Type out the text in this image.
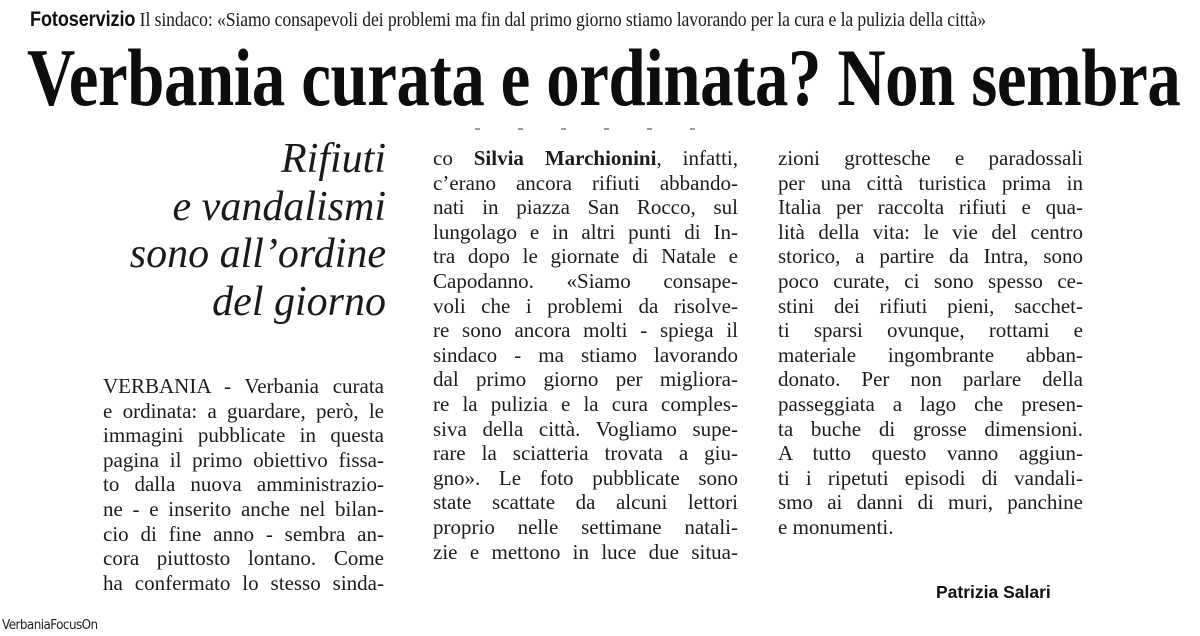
Fotoservizio Il sindaco: «Siamo consapevoli dei problemi ma fin dal primo giorno stiamo lavorando per la cura e la pulizia della città»
Verbania curata e ordinata? Non sembra
Rifiuti
e vandalismi
sono all’ordine
del giorno
VERBANIA - Verbania curata
e ordinata: a guardare, però, le
immagini pubblicate in questa
pagina il primo obiettivo fissa-
to dalla nuova amministrazio-
ne - e inserito anche nel bilan-
cio di fine anno - sembra an-
cora piuttosto lontano. Come
ha confermato lo stesso sinda-
co Silvia Marchionini, infatti,
c’erano ancora rifiuti abbando-
nati in piazza San Rocco, sul
lungolago e in altri punti di In-
tra dopo le giornate di Natale e
Capodanno. «Siamo consape-
voli che i problemi da risolve-
re sono ancora molti - spiega il
sindaco - ma stiamo lavorando
dal primo giorno per migliora-
re la pulizia e la cura comples-
siva della città. Vogliamo supe-
rare la sciatteria trovata a giu-
gno». Le foto pubblicate sono
state scattate da alcuni lettori
proprio nelle settimane natali-
zie e mettono in luce due situa-
zioni grottesche e paradossali
per una città turistica prima in
Italia per raccolta rifiuti e qua-
lità della vita: le vie del centro
storico, a partire da Intra, sono
poco curate, ci sono spesso ce-
stini dei rifiuti pieni, sacchet-
ti sparsi ovunque, rottami e
materiale ingombrante abban-
donato. Per non parlare della
passeggiata a lago che presen-
ta buche di grosse dimensioni.
A tutto questo vanno aggiun-
ti i ripetuti episodi di vandali-
smo ai danni di muri, panchine
e monumenti.
Patrizia Salari
VerbaniaFocusOn
